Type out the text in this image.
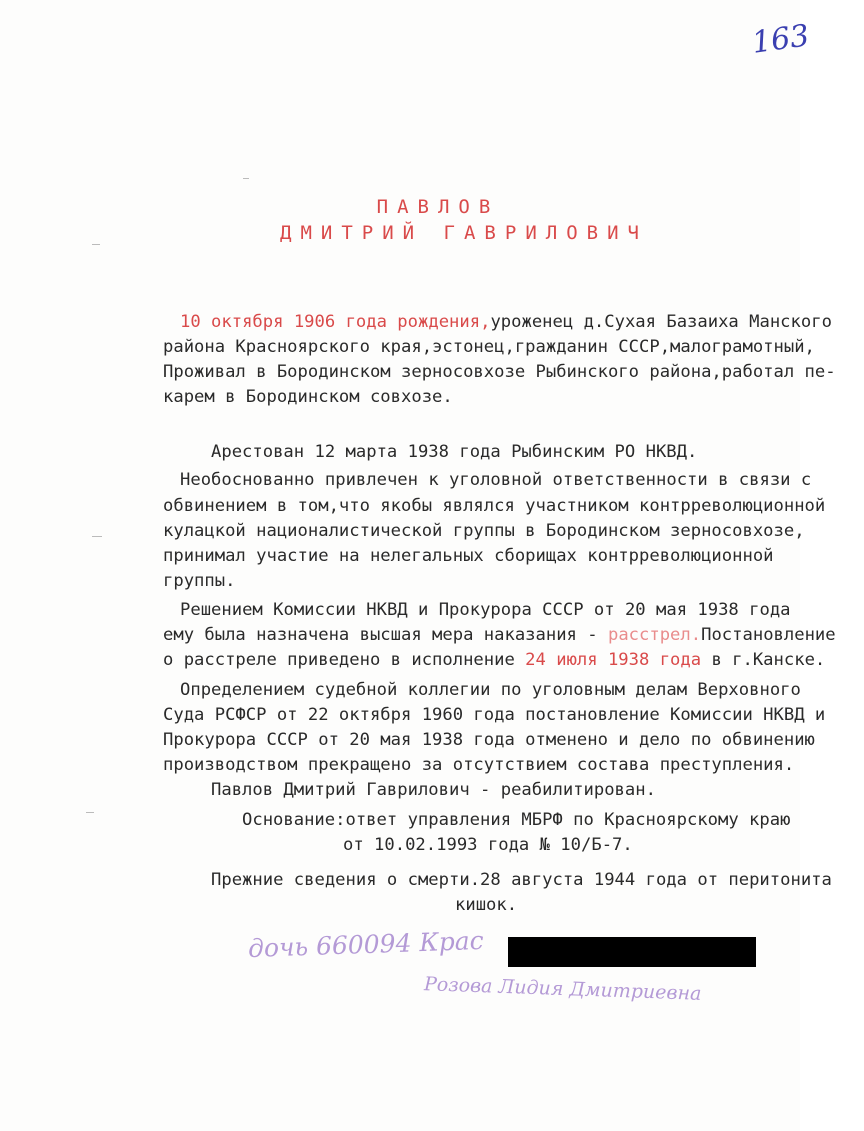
163
ПАВЛОВ
ДМИТРИЙ ГАВРИЛОВИЧ
10 октября 1906 года рождения,уроженец д.Сухая Базаиха Манского
района Красноярского края,эстонец,гражданин СССР,малограмотный,
Проживал в Бородинском зерносовхозе Рыбинского района,работал пе-
карем в Бородинском совхозе.
Арестован 12 марта 1938 года Рыбинским РО НКВД.
Необоснованно привлечен к уголовной ответственности в связи с
обвинением в том,что якобы являлся участником контрреволюционной
кулацкой националистической группы в Бородинском зерносовхозе,
принимал участие на нелегальных сборищах контрреволюционной
группы.
Решением Комиссии НКВД и Прокурора СССР от 20 мая 1938 года
ему была назначена высшая мера наказания - расстрел.Постановление
о расстреле приведено в исполнение 24 июля 1938 года в г.Канске.
Определением судебной коллегии по уголовным делам Верховного
Суда РСФСР от 22 октября 1960 года постановление Комиссии НКВД и
Прокурора СССР от 20 мая 1938 года отменено и дело по обвинению
производством прекращено за отсутствием состава преступления.
Павлов Дмитрий Гаврилович - реабилитирован.
Основание:ответ управления МБРФ по Красноярскому краю
от 10.02.1993 года № 10/Б-7.
Прежние сведения о смерти.28 августа 1944 года от перитонита
кишок.
дочь 660094 Крас
Розова Лидия Дмитриевна
